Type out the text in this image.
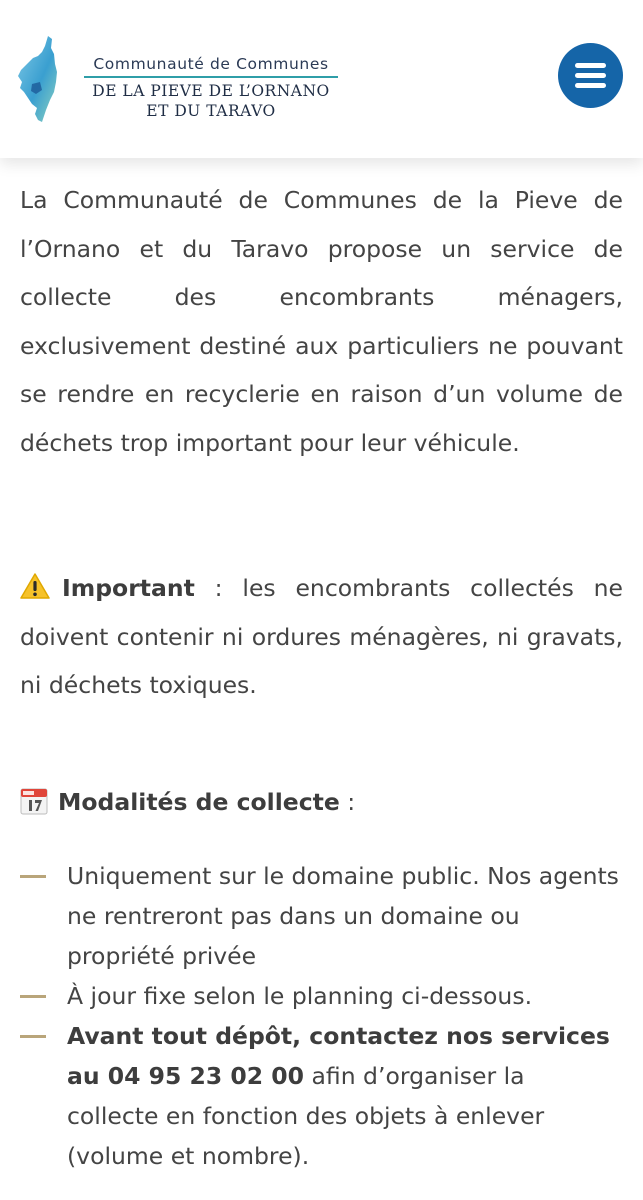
Communauté de Communes
DE LA PIEVE DE L’ORNANO
ET DU TARAVO

La Communauté de Communes de la Pieve de l’Ornano et du Taravo propose un service de collecte des encombrants ménagers, exclusivement destiné aux particuliers ne pouvant se rendre en recyclerie en raison d’un volume de déchets trop important pour leur véhicule.

Important : les encombrants collectés ne doivent contenir ni ordures ménagères, ni gravats, ni déchets toxiques.

Modalités de collecte :
Uniquement sur le domaine public. Nos agents ne rentreront pas dans un domaine ou propriété privée
À jour fixe selon le planning ci-dessous.
Avant tout dépôt, contactez nos services au 04 95 23 02 00 afin d’organiser la collecte en fonction des objets à enlever (volume et nombre).
